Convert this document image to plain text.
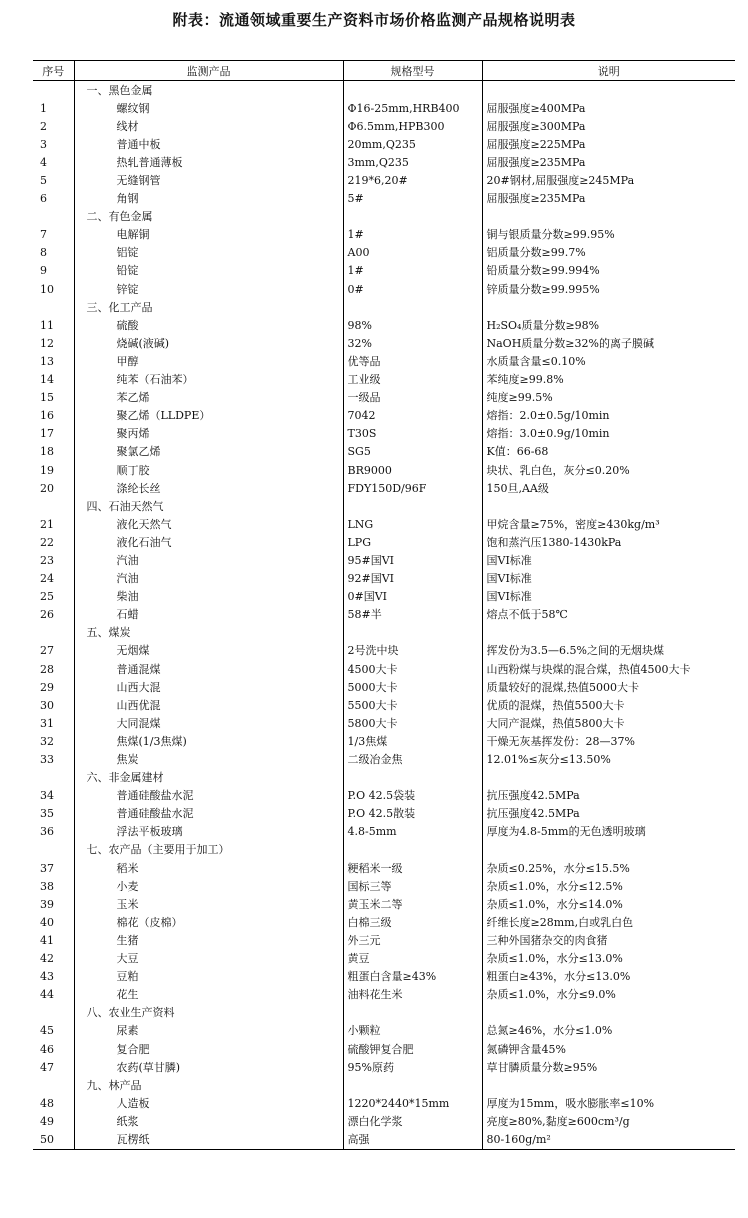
附表：流通领域重要生产资料市场价格监测产品规格说明表
序号	监测产品	规格型号	说明
	一、黑色金属		
1	螺纹钢	Φ16-25mm,HRB400	屈服强度≥400MPa
2	线材	Φ6.5mm,HPB300	屈服强度≥300MPa
3	普通中板	20mm,Q235	屈服强度≥225MPa
4	热轧普通薄板	3mm,Q235	屈服强度≥235MPa
5	无缝钢管	219*6,20#	20#钢材,屈服强度≥245MPa
6	角钢	5#	屈服强度≥235MPa
	二、有色金属		
7	电解铜	1#	铜与银质量分数≥99.95%
8	铝锭	A00	铝质量分数≥99.7%
9	铅锭	1#	铅质量分数≥99.994%
10	锌锭	0#	锌质量分数≥99.995%
	三、化工产品		
11	硫酸	98%	H₂SO₄质量分数≥98%
12	烧碱(液碱)	32%	NaOH质量分数≥32%的离子膜碱
13	甲醇	优等品	水质量含量≤0.10%
14	纯苯（石油苯）	工业级	苯纯度≥99.8%
15	苯乙烯	一级品	纯度≥99.5%
16	聚乙烯（LLDPE）	7042	熔指：2.0±0.5g/10min
17	聚丙烯	T30S	熔指：3.0±0.9g/10min
18	聚氯乙烯	SG5	K值：66-68
19	顺丁胶	BR9000	块状、乳白色，灰分≤0.20%
20	涤纶长丝	FDY150D/96F	150旦,AA级
	四、石油天然气		
21	液化天然气	LNG	甲烷含量≥75%，密度≥430kg/m³
22	液化石油气	LPG	饱和蒸汽压1380-1430kPa
23	汽油	95#国VI	国VI标准
24	汽油	92#国VI	国VI标准
25	柴油	0#国VI	国VI标准
26	石蜡	58#半	熔点不低于58℃
	五、煤炭		
27	无烟煤	2号洗中块	挥发份为3.5—6.5%之间的无烟块煤
28	普通混煤	4500大卡	山西粉煤与块煤的混合煤，热值4500大卡
29	山西大混	5000大卡	质量较好的混煤,热值5000大卡
30	山西优混	5500大卡	优质的混煤，热值5500大卡
31	大同混煤	5800大卡	大同产混煤，热值5800大卡
32	焦煤(1/3焦煤)	1/3焦煤	干燥无灰基挥发份：28—37%
33	焦炭	二级冶金焦	12.01%≤灰分≤13.50%
	六、非金属建材		
34	普通硅酸盐水泥	P.O 42.5袋装	抗压强度42.5MPa
35	普通硅酸盐水泥	P.O 42.5散装	抗压强度42.5MPa
36	浮法平板玻璃	4.8-5mm	厚度为4.8-5mm的无色透明玻璃
	七、农产品（主要用于加工）		
37	稻米	粳稻米一级	杂质≤0.25%，水分≤15.5%
38	小麦	国标三等	杂质≤1.0%，水分≤12.5%
39	玉米	黄玉米二等	杂质≤1.0%，水分≤14.0%
40	棉花（皮棉）	白棉三级	纤维长度≥28mm,白或乳白色
41	生猪	外三元	三种外国猪杂交的肉食猪
42	大豆	黄豆	杂质≤1.0%，水分≤13.0%
43	豆粕	粗蛋白含量≥43%	粗蛋白≥43%，水分≤13.0%
44	花生	油料花生米	杂质≤1.0%，水分≤9.0%
	八、农业生产资料		
45	尿素	小颗粒	总氮≥46%，水分≤1.0%
46	复合肥	硫酸钾复合肥	氮磷钾含量45%
47	农药(草甘膦)	95%原药	草甘膦质量分数≥95%
	九、林产品		
48	人造板	1220*2440*15mm	厚度为15mm，吸水膨胀率≤10%
49	纸浆	漂白化学浆	亮度≥80%,黏度≥600cm³/g
50	瓦楞纸	高强	80-160g/m²
